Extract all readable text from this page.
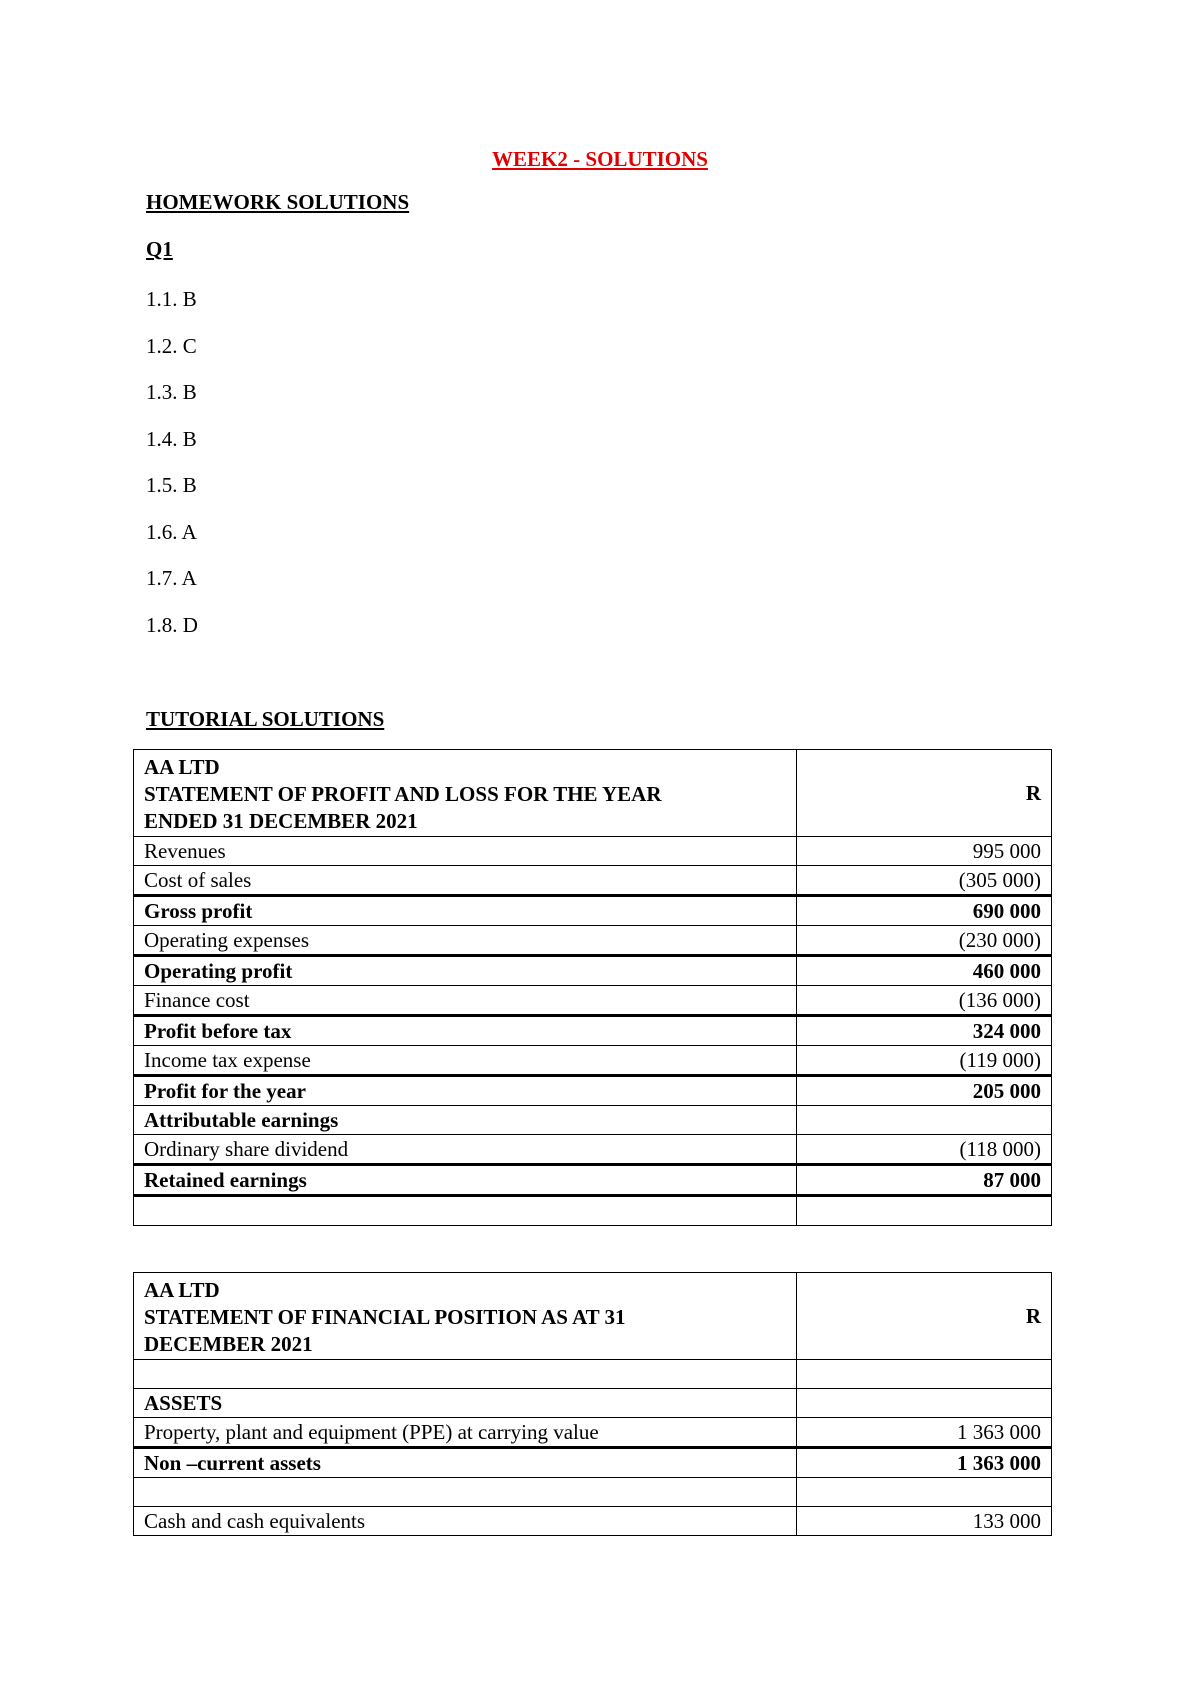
WEEK2 - SOLUTIONS
HOMEWORK SOLUTIONS
Q1
1.1. B
1.2. C
1.3. B
1.4. B
1.5. B
1.6. A
1.7. A
1.8. D
TUTORIAL SOLUTIONS
AA LTD
STATEMENT OF PROFIT AND LOSS FOR THE YEAR
ENDED 31 DECEMBER 2021	R
Revenues	995 000
Cost of sales	(305 000)
Gross profit	690 000
Operating expenses	(230 000)
Operating profit	460 000
Finance cost	(136 000)
Profit before tax	324 000
Income tax expense	(119 000)
Profit for the year	205 000
Attributable earnings	
Ordinary share dividend	(118 000)
Retained earnings	87 000

AA LTD
STATEMENT OF FINANCIAL POSITION AS AT 31
DECEMBER 2021	R

ASSETS	
Property, plant and equipment (PPE) at carrying value	1 363 000
Non –current assets	1 363 000

Cash and cash equivalents	133 000
